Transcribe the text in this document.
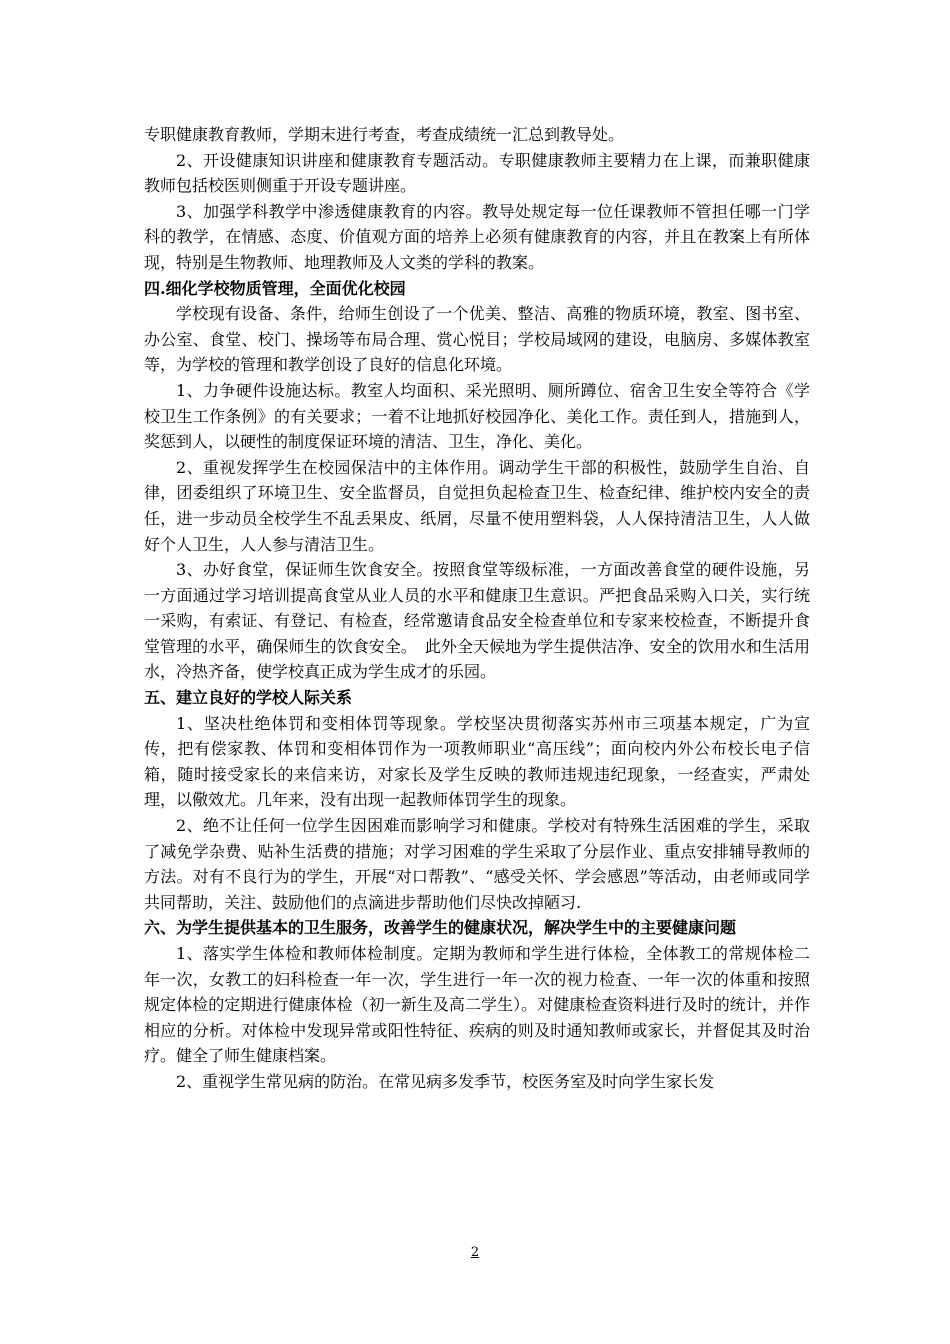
专职健康教育教师，学期末进行考查，考查成绩统一汇总到教导处。

2、开设健康知识讲座和健康教育专题活动。专职健康教师主要精力在上课，而兼职健康教师包括校医则侧重于开设专题讲座。

3、加强学科教学中渗透健康教育的内容。教导处规定每一位任课教师不管担任哪一门学科的教学，在情感、态度、价值观方面的培养上必须有健康教育的内容，并且在教案上有所体现，特别是生物教师、地理教师及人文类的学科的教案。

四.细化学校物质管理，全面优化校园

学校现有设备、条件，给师生创设了一个优美、整洁、高雅的物质环境，教室、图书室、办公室、食堂、校门、操场等布局合理、赏心悦目；学校局域网的建设，电脑房、多媒体教室等，为学校的管理和教学创设了良好的信息化环境。

1、力争硬件设施达标。教室人均面积、采光照明、厕所蹲位、宿舍卫生安全等符合《学校卫生工作条例》的有关要求；一着不让地抓好校园净化、美化工作。责任到人，措施到人，奖惩到人，以硬性的制度保证环境的清洁、卫生，净化、美化。

2、重视发挥学生在校园保洁中的主体作用。调动学生干部的积极性，鼓励学生自治、自律，团委组织了环境卫生、安全监督员，自觉担负起检查卫生、检查纪律、维护校内安全的责任，进一步动员全校学生不乱丢果皮、纸屑，尽量不使用塑料袋，人人保持清洁卫生，人人做好个人卫生，人人参与清洁卫生。

3、办好食堂，保证师生饮食安全。按照食堂等级标准，一方面改善食堂的硬件设施，另一方面通过学习培训提高食堂从业人员的水平和健康卫生意识。严把食品采购入口关，实行统一采购，有索证、有登记、有检查，经常邀请食品安全检查单位和专家来校检查，不断提升食堂管理的水平，确保师生的饮食安全。　此外全天候地为学生提供洁净、安全的饮用水和生活用水，冷热齐备，使学校真正成为学生成才的乐园。

五、建立良好的学校人际关系

1、坚决杜绝体罚和变相体罚等现象。学校坚决贯彻落实苏州市三项基本规定，广为宣传，把有偿家教、体罚和变相体罚作为一项教师职业“高压线”；面向校内外公布校长电子信箱，随时接受家长的来信来访，对家长及学生反映的教师违规违纪现象，一经查实，严肃处理，以儆效尤。几年来，没有出现一起教师体罚学生的现象。

2、绝不让任何一位学生因困难而影响学习和健康。学校对有特殊生活困难的学生，采取了减免学杂费、贴补生活费的措施；对学习困难的学生采取了分层作业、重点安排辅导教师的方法。对有不良行为的学生，开展“对口帮教”、“感受关怀、学会感恩”等活动，由老师或同学共同帮助，关注、鼓励他们的点滴进步帮助他们尽快改掉陋习.

六、为学生提供基本的卫生服务，改善学生的健康状况，解决学生中的主要健康问题

1、落实学生体检和教师体检制度。定期为教师和学生进行体检，全体教工的常规体检二年一次，女教工的妇科检查一年一次，学生进行一年一次的视力检查、一年一次的体重和按照规定体检的定期进行健康体检（初一新生及高二学生）。对健康检查资料进行及时的统计，并作相应的分析。对体检中发现异常或阳性特征、疾病的则及时通知教师或家长，并督促其及时治疗。健全了师生健康档案。

2、重视学生常见病的防治。在常见病多发季节，校医务室及时向学生家长发

2
